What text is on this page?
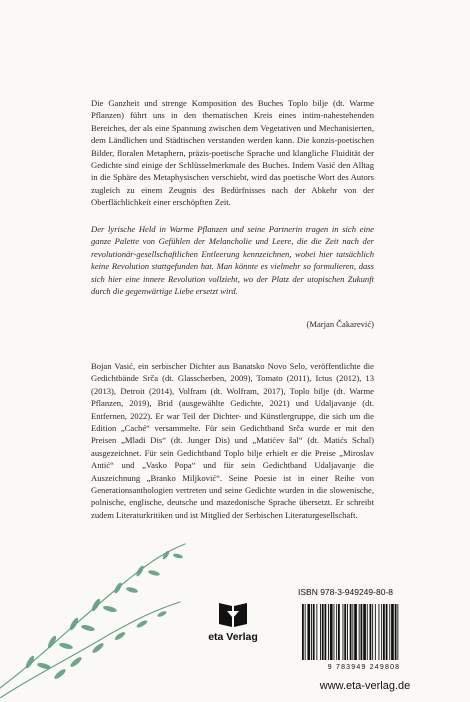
Die Ganzheit und strenge Komposition des Buches Toplo bilje (dt. Warme Pflanzen) führt uns in den thematischen Kreis eines intim-nahestehenden Bereiches, der als eine Spannung zwischen dem Vegetativen und Mechanisierten, dem Ländlichen und Städtischen verstanden werden kann. Die konzis-poetischen Bilder, floralen Metaphern, präzis-poetische Sprache und klangliche Fluidität der Gedichte sind einige der Schlüsselmerkmale des Buches. Indem Vasić den Alltag in die Sphäre des Metaphysischen verschiebt, wird das poetische Wort des Autors zugleich zu einem Zeugnis des Bedürfnisses nach der Abkehr von der Oberflächlichkeit einer erschöpften Zeit.
Der lyrische Held in Warme Pflanzen und seine Partnerin tragen in sich eine ganze Palette von Gefühlen der Melancholie und Leere, die die Zeit nach der revolutionär-gesellschaftlichen Entleerung kennzeichnen, wobei hier tatsächlich keine Revolution stattgefunden hat. Man könnte es vielmehr so formulieren, dass sich hier eine innere Revolution vollzieht, wo der Platz der utopischen Zukunft durch die gegenwärtige Liebe ersetzt wird.
(Marjan Čakarević)
Bojan Vasić, ein serbischer Dichter aus Banatsko Novo Selo, veröffentlichte die Gedichtbände Srča (dt. Glasscherben, 2009), Tomato (2011), Ictus (2012), 13 (2013), Detroit (2014), Volfram (dt. Wolfram, 2017), Toplo bilje (dt. Warme Pflanzen, 2019), Brid (ausgewählte Gedichte, 2021) und Udaljavanje (dt. Entfernen, 2022). Er war Teil der Dichter- und Künstlergruppe, die sich um die Edition „Caché“ versammelte. Für sein Gedichtband Srča wurde er mit den Preisen „Mladi Dis“ (dt. Junger Dis) und „Matićev šal“ (dt. Matićs Schal) ausgezeichnet. Für sein Gedichtband Toplo bilje erhielt er die Preise „Miroslav Antić“ und „Vasko Popa“ und für sein Gedichtband Udaljavanje die Auszeichnung „Branko Miljković“. Seine Poesie ist in einer Reihe von Generationsanthologien vertreten und seine Gedichte wurden in die slowenische, polnische, englische, deutsche und mazedonische Sprache übersetzt. Er schreibt zudem Literaturkritiken und ist Mitglied der Serbischen Literaturgesellschaft.
eta Verlag
ISBN 978-3-949249-80-8
9 783949 249808
www.eta-verlag.de
